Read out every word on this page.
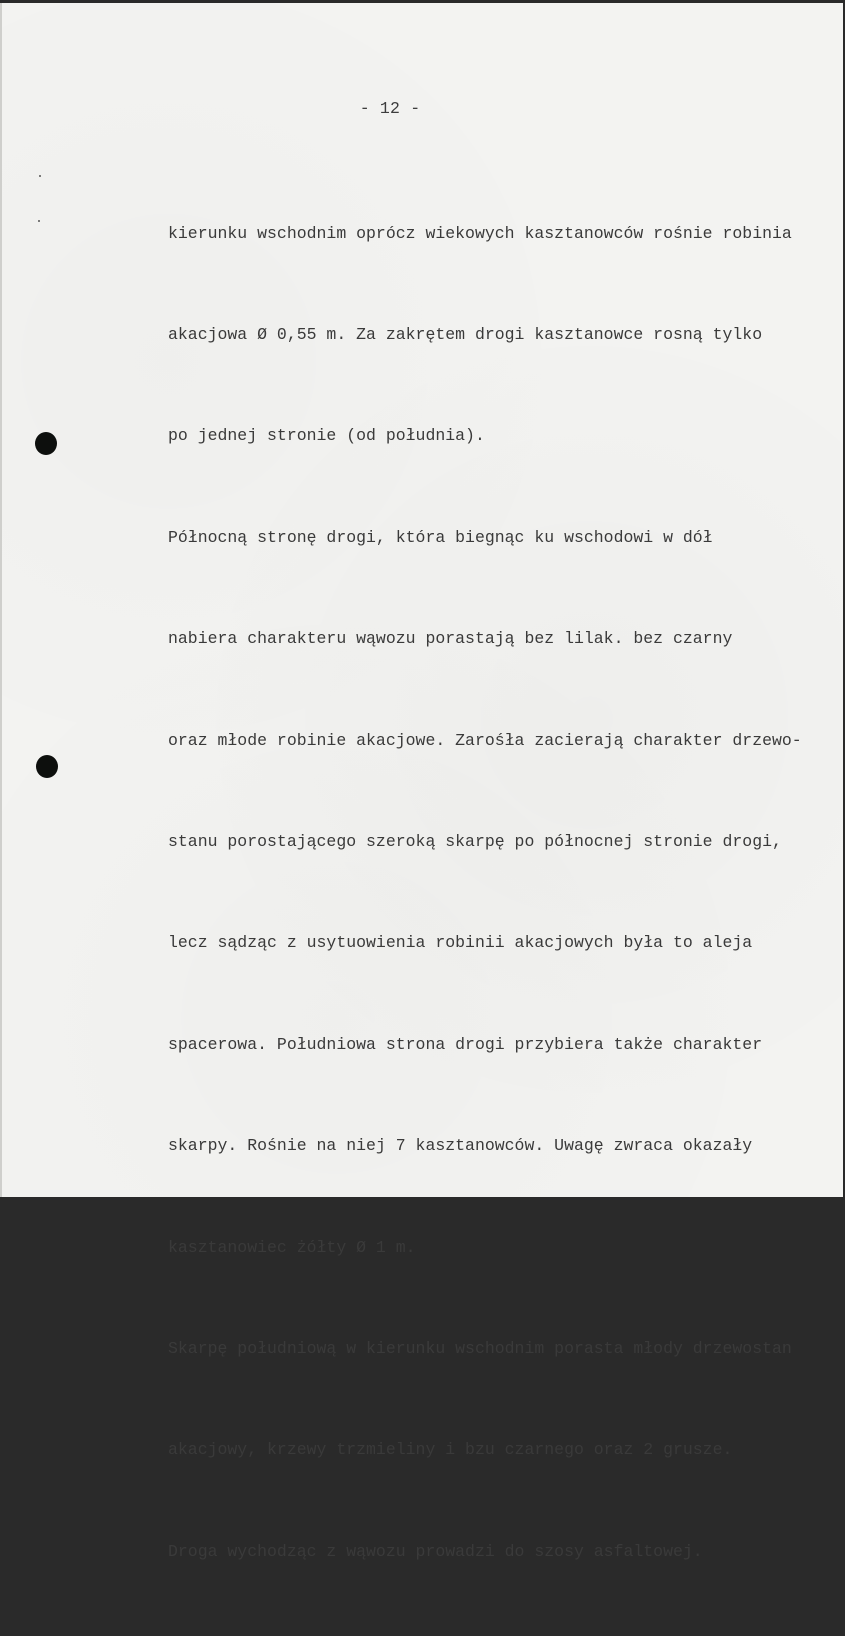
- 12 -

kierunku wschodnim oprócz wiekowych kasztanowców rośnie robinia

akacjowa Ø 0,55 m. Za zakrętem drogi kasztanowce rosną tylko

po jednej stronie (od południa).

Północną stronę drogi, która biegnąc ku wschodowi w dół

nabiera charakteru wąwozu porastają bez lilak. bez czarny

oraz młode robinie akacjowe. Zarośła zacierają charakter drzewo-

stanu porostającego szeroką skarpę po północnej stronie drogi,

lecz sądząc z usytuowienia robinii akacjowych była to aleja

spacerowa. Południowa strona drogi przybiera także charakter

skarpy. Rośnie na niej 7 kasztanowców. Uwagę zwraca okazały

kasztanowiec żółty Ø 1 m.

Skarpę południową w kierunku wschodnim porasta młody drzewostan

akacjowy, krzewy trzmieliny i bzu czarnego oraz 2 grusze.

Droga wychodząc z wąwozu prowadzi do szosy asfaltowej.
